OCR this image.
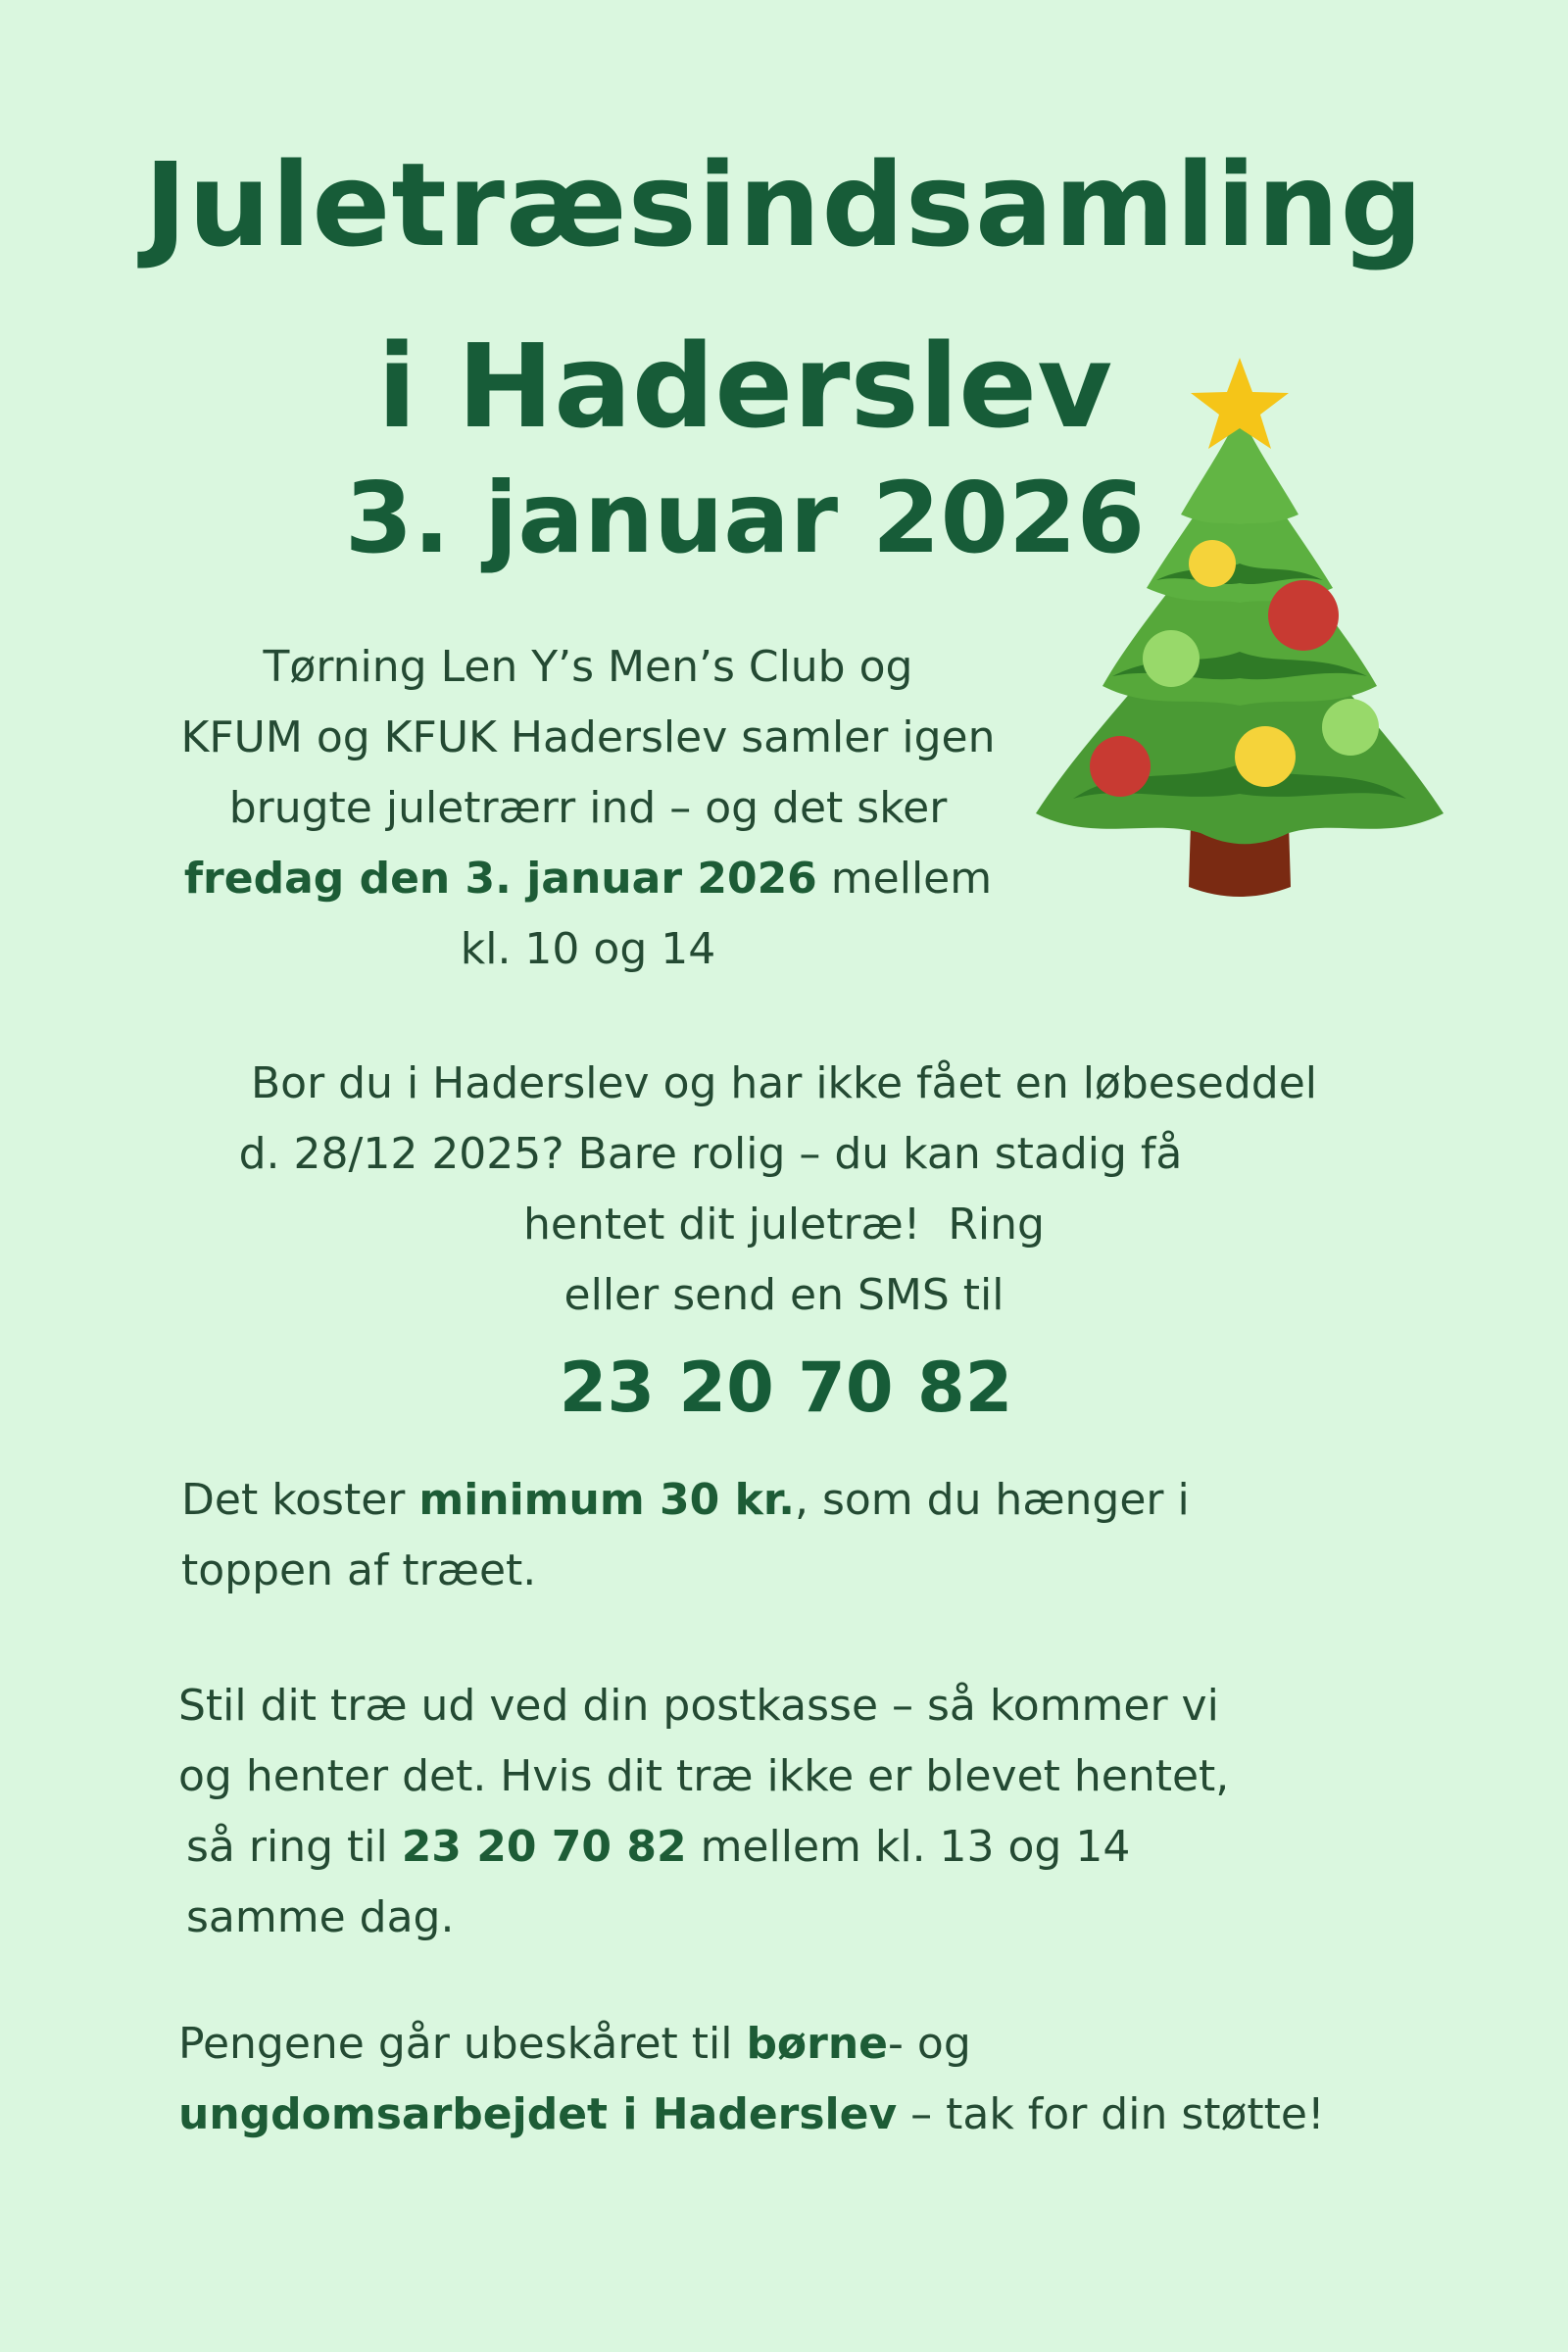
Juletræsindsamling
i Haderslev
3. januar 2026
Tørning Len Y’s Men’s Club og
KFUM og KFUK Haderslev samler igen
brugte juletrærr ind – og det sker
fredag den 3. januar 2026 mellem
kl. 10 og 14
Bor du i Haderslev og har ikke fået en løbeseddel
d. 28/12 2025? Bare rolig – du kan stadig få
hentet dit juletræ!  Ring
eller send en SMS til
23 20 70 82
Det koster minimum 30 kr., som du hænger i
toppen af træet.
Stil dit træ ud ved din postkasse – så kommer vi
og henter det. Hvis dit træ ikke er blevet hentet,
så ring til 23 20 70 82 mellem kl. 13 og 14
samme dag.
Pengene går ubeskåret til børne- og
ungdomsarbejdet i Haderslev – tak for din støtte!
